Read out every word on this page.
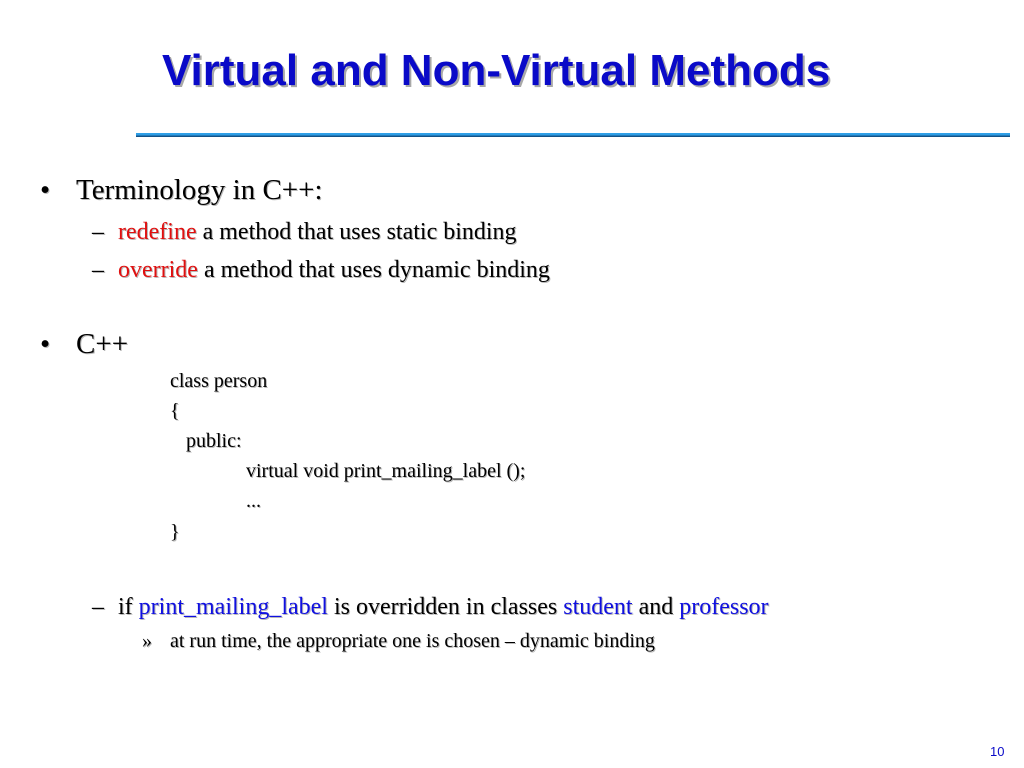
Virtual and Non-Virtual Methods
• Terminology in C++:
– redefine a method that uses static binding
– override a method that uses dynamic binding
• C++
class person
{
public:
virtual void print_mailing_label ();
...
}
– if print_mailing_label is overridden in classes student and professor
» at run time, the appropriate one is chosen – dynamic binding
10
